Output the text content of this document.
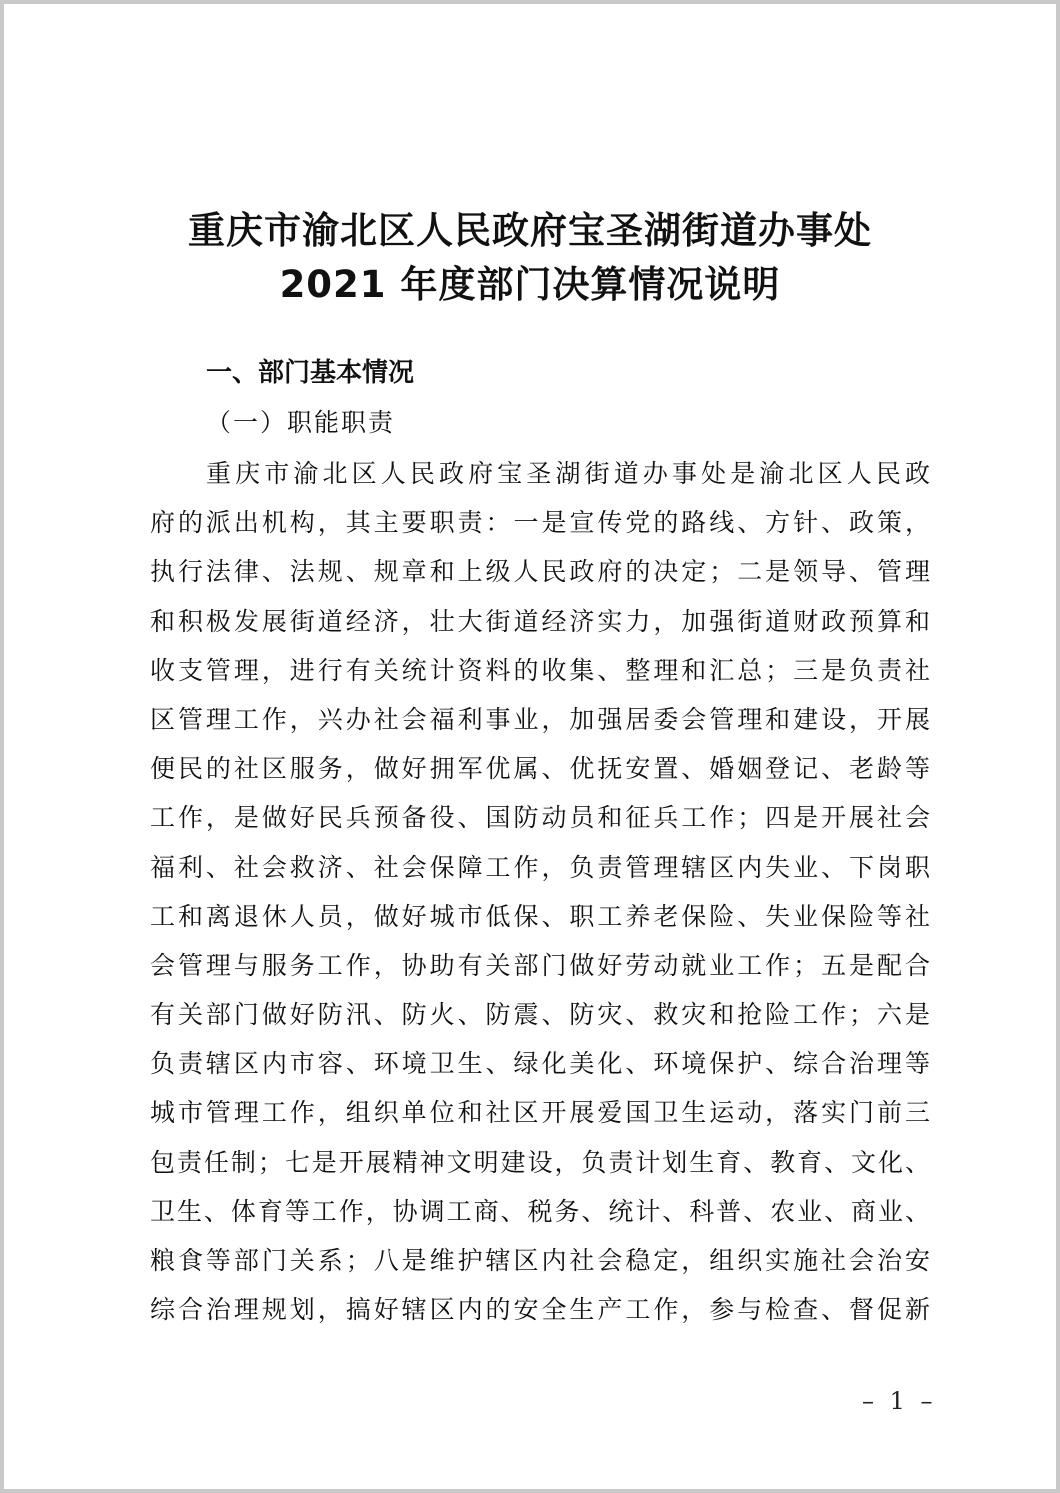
重庆市渝北区人民政府宝圣湖街道办事处
2021 年度部门决算情况说明
一、部门基本情况
（一）职能职责
重庆市渝北区人民政府宝圣湖街道办事处是渝北区人民政
府的派出机构，其主要职责：一是宣传党的路线、方针、政策，
执行法律、法规、规章和上级人民政府的决定；二是领导、管理
和积极发展街道经济，壮大街道经济实力，加强街道财政预算和
收支管理，进行有关统计资料的收集、整理和汇总；三是负责社
区管理工作，兴办社会福利事业，加强居委会管理和建设，开展
便民的社区服务，做好拥军优属、优抚安置、婚姻登记、老龄等
工作，是做好民兵预备役、国防动员和征兵工作；四是开展社会
福利、社会救济、社会保障工作，负责管理辖区内失业、下岗职
工和离退休人员，做好城市低保、职工养老保险、失业保险等社
会管理与服务工作，协助有关部门做好劳动就业工作；五是配合
有关部门做好防汛、防火、防震、防灾、救灾和抢险工作；六是
负责辖区内市容、环境卫生、绿化美化、环境保护、综合治理等
城市管理工作，组织单位和社区开展爱国卫生运动，落实门前三
包责任制；七是开展精神文明建设，负责计划生育、教育、文化、
卫生、体育等工作，协调工商、税务、统计、科普、农业、商业、
粮食等部门关系；八是维护辖区内社会稳定，组织实施社会治安
综合治理规划，搞好辖区内的安全生产工作，参与检查、督促新
– 1 –
